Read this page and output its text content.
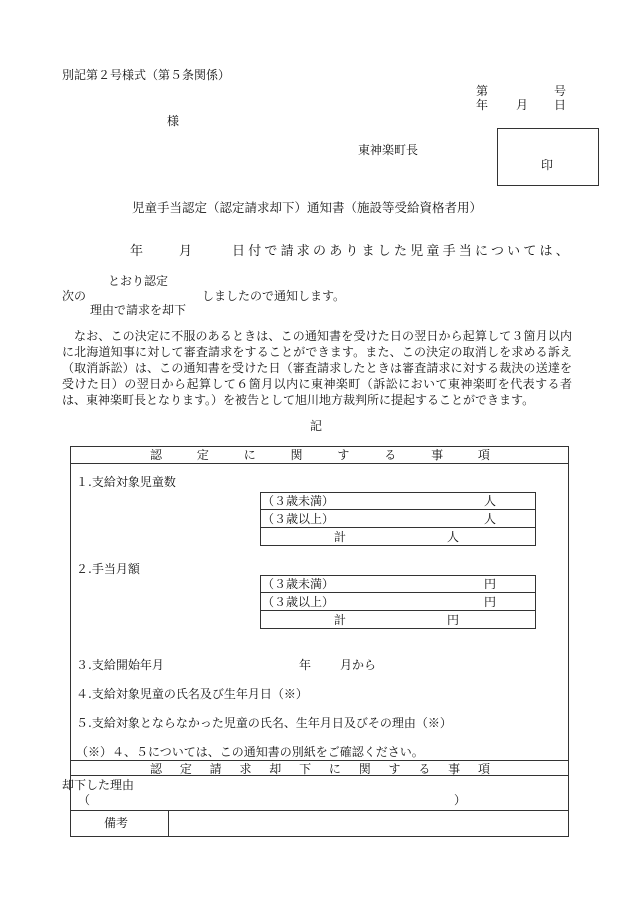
別記第２号様式（第５条関係）
第	号
年 月 日
様
東神楽町長
印
児童手当認定（認定請求却下）通知書（施設等受給資格者用）
年	月	日付で請求のありました児童手当については、
とおり認定
次の	しましたので通知します。
理由で請求を却下
なお、この決定に不服のあるときは、この通知書を受けた日の翌日から起算して３箇月以内に北海道知事に対して審査請求をすることができます。また、この決定の取消しを求める訴え（取消訴訟）は、この通知書を受けた日（審査請求したときは審査請求に対する裁決の送達を受けた日）の翌日から起算して６箇月以内に東神楽町（訴訟において東神楽町を代表する者は、東神楽町長となります。）を被告として旭川地方裁判所に提起することができます。
記
認	定	に	関	す	る	事	項
１.支給対象児童数
（３歳未満）	人
（３歳以上）	人
計	人
２.手当月額
（３歳未満）	円
（３歳以上）	円
計	円
３.支給開始年月	年 月から
４.支給対象児童の氏名及び生年月日（※）
５.支給対象とならなかった児童の氏名、生年月日及びその理由（※）
（※）４、５については、この通知書の別紙をご確認ください。
認 定 請 求 却 下 に 関 す る 事 項
却下した理由
（	）
備考
